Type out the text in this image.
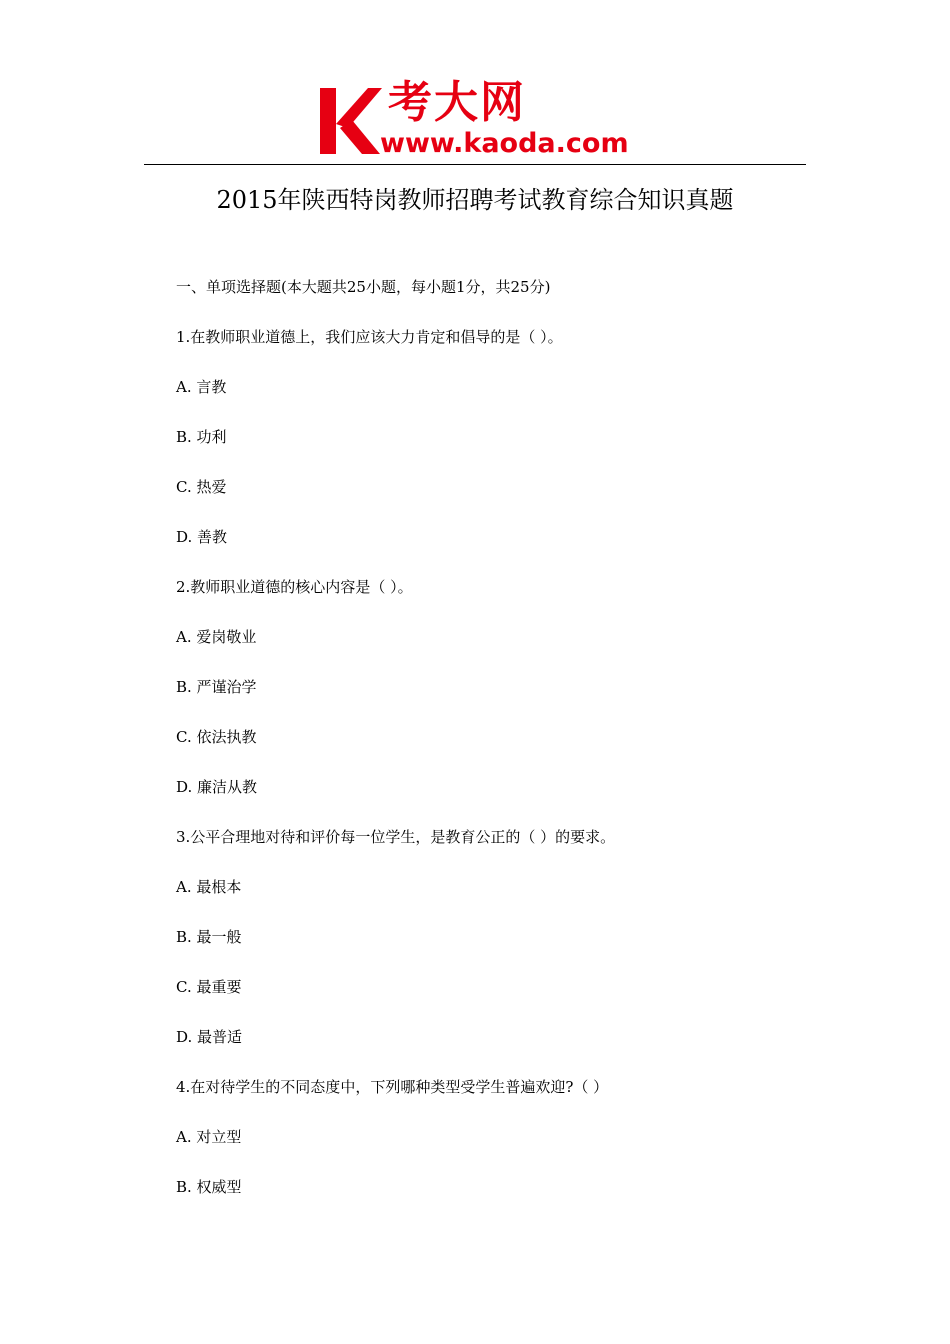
考大网
www.kaoda.com
2015年陕西特岗教师招聘考试教育综合知识真题
一、单项选择题(本大题共25小题，每小题1分，共25分)
1.在教师职业道德上，我们应该大力肯定和倡导的是（ ）。
A. 言教
B. 功利
C. 热爱
D. 善教
2.教师职业道德的核心内容是（ ）。
A. 爱岗敬业
B. 严谨治学
C. 依法执教
D. 廉洁从教
3.公平合理地对待和评价每一位学生，是教育公正的（ ）的要求。
A. 最根本
B. 最一般
C. 最重要
D. 最普适
4.在对待学生的不同态度中，下列哪种类型受学生普遍欢迎?（ ）
A. 对立型
B. 权威型
